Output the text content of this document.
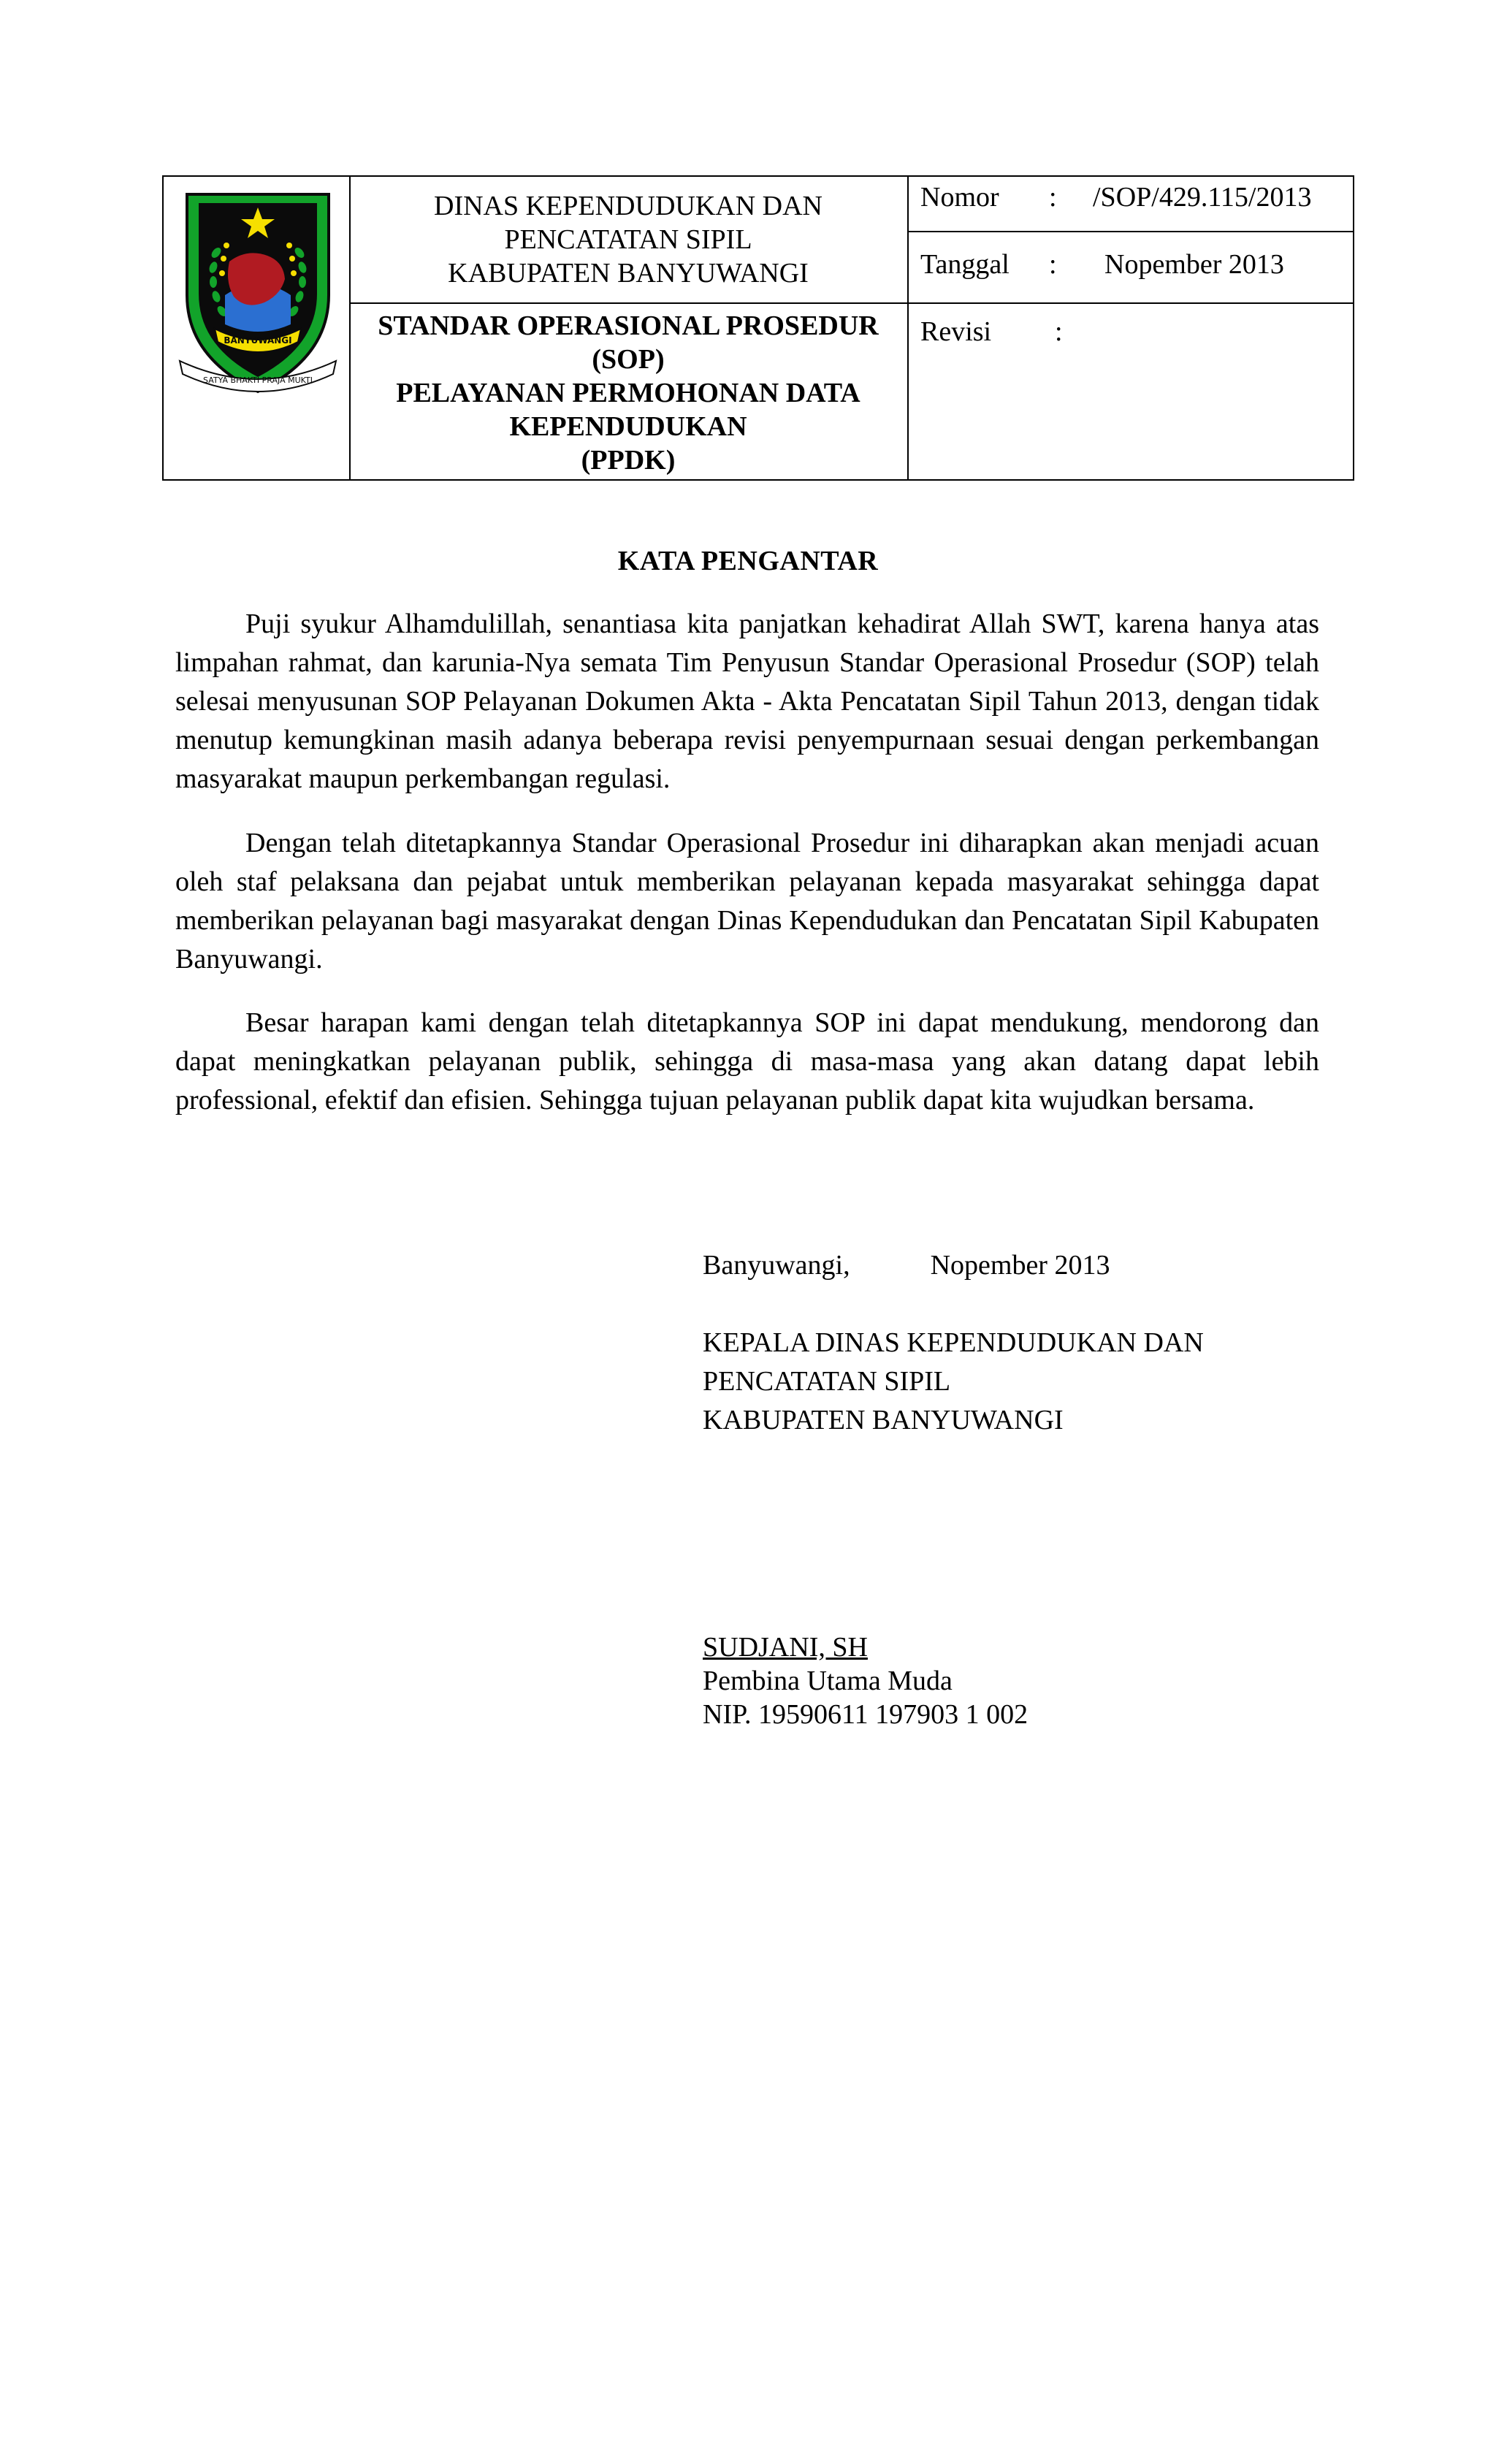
BANYUWANGI
SATYA BHAKTI PRAJA MUKTI
DINAS KEPENDUDUKAN DAN
PENCATATAN SIPIL
KABUPATEN BANYUWANGI
STANDAR OPERASIONAL PROSEDUR
(SOP)
PELAYANAN PERMOHONAN DATA
KEPENDUDUKAN
(PPDK)
Nomor : /SOP/429.115/2013
Tanggal : Nopember 2013
Revisi :
KATA PENGANTAR

Puji syukur Alhamdulillah, senantiasa kita panjatkan kehadirat Allah SWT, karena hanya atas limpahan rahmat, dan karunia-Nya semata Tim Penyusun Standar Operasional Prosedur (SOP) telah selesai menyusunan SOP Pelayanan Dokumen Akta - Akta Pencatatan Sipil Tahun 2013, dengan tidak menutup kemungkinan masih adanya beberapa revisi penyempurnaan sesuai dengan perkembangan masyarakat maupun perkembangan regulasi.

Dengan telah ditetapkannya Standar Operasional Prosedur ini diharapkan akan menjadi acuan oleh staf pelaksana dan pejabat untuk memberikan pelayanan kepada masyarakat sehingga dapat memberikan pelayanan bagi masyarakat dengan Dinas Kependudukan dan Pencatatan Sipil Kabupaten Banyuwangi.

Besar harapan kami dengan telah ditetapkannya SOP ini dapat mendukung, mendorong dan dapat meningkatkan pelayanan publik, sehingga di masa-masa yang akan datang dapat lebih professional, efektif dan efisien. Sehingga tujuan pelayanan publik dapat kita wujudkan bersama.

Banyuwangi,	Nopember 2013
KEPALA DINAS KEPENDUDUKAN DAN
PENCATATAN SIPIL
KABUPATEN BANYUWANGI
SUDJANI, SH
Pembina Utama Muda
NIP. 19590611 197903 1 002
